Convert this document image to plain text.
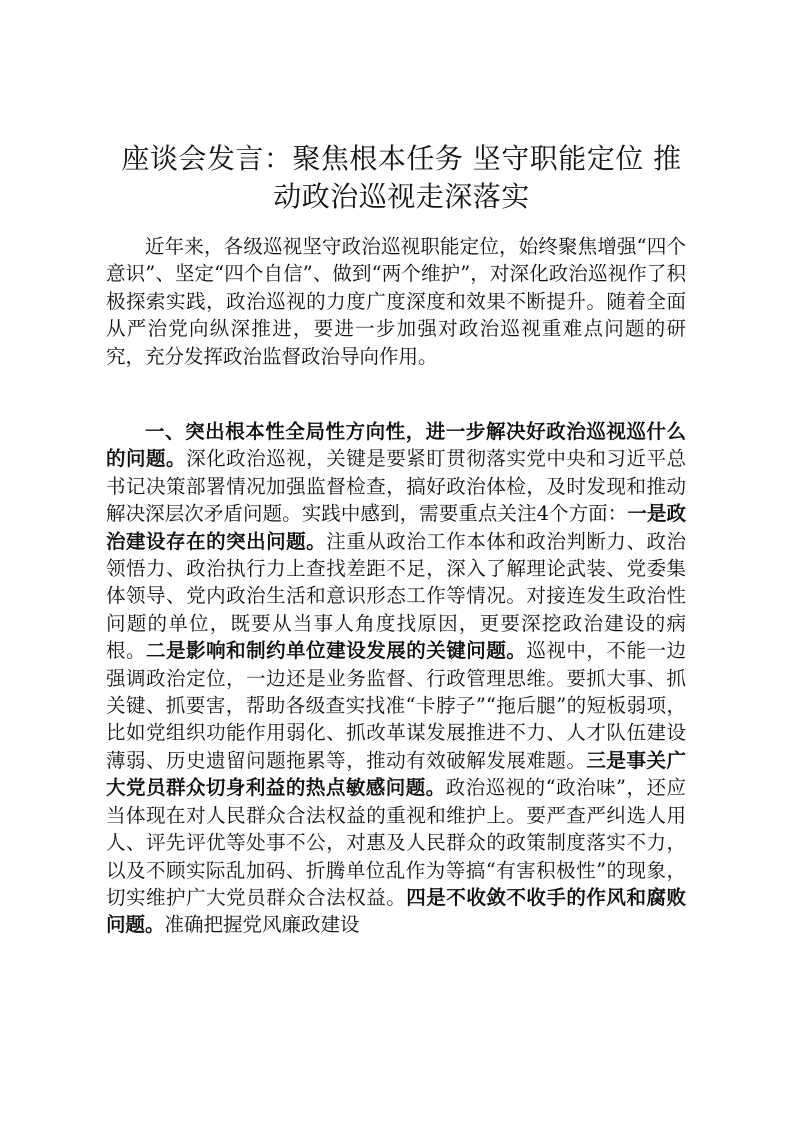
座谈会发言：聚焦根本任务 坚守职能定位 推
动政治巡视走深落实

近年来，各级巡视坚守政治巡视职能定位，始终聚焦增强“四个意识”、坚定“四个自信”、做到“两个维护”，对深化政治巡视作了积极探索实践，政治巡视的力度广度深度和效果不断提升。随着全面从严治党向纵深推进，要进一步加强对政治巡视重难点问题的研究，充分发挥政治监督政治导向作用。

一、突出根本性全局性方向性，进一步解决好政治巡视巡什么的问题。深化政治巡视，关键是要紧盯贯彻落实党中央和习近平总书记决策部署情况加强监督检查，搞好政治体检，及时发现和推动解决深层次矛盾问题。实践中感到，需要重点关注4个方面：一是政治建设存在的突出问题。注重从政治工作本体和政治判断力、政治领悟力、政治执行力上查找差距不足，深入了解理论武装、党委集体领导、党内政治生活和意识形态工作等情况。对接连发生政治性问题的单位，既要从当事人角度找原因，更要深挖政治建设的病根。二是影响和制约单位建设发展的关键问题。巡视中，不能一边强调政治定位，一边还是业务监督、行政管理思维。要抓大事、抓关键、抓要害，帮助各级查实找准“卡脖子”“拖后腿”的短板弱项，比如党组织功能作用弱化、抓改革谋发展推进不力、人才队伍建设薄弱、历史遗留问题拖累等，推动有效破解发展难题。三是事关广大党员群众切身利益的热点敏感问题。政治巡视的“政治味”，还应当体现在对人民群众合法权益的重视和维护上。要严查严纠选人用人、评先评优等处事不公，对惠及人民群众的政策制度落实不力，以及不顾实际乱加码、折腾单位乱作为等搞“有害积极性”的现象，切实维护广大党员群众合法权益。四是不收敛不收手的作风和腐败问题。准确把握党风廉政建设
